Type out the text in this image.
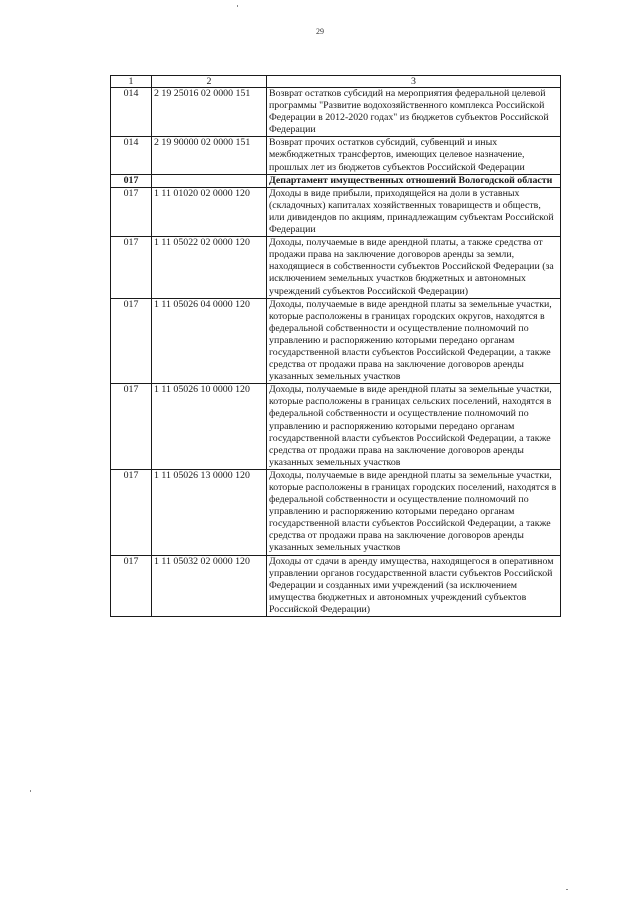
29
1	2	3
014	2 19 25016 02 0000 151	Возврат остатков субсидий на мероприятия федеральной целевой программы "Развитие водохозяйственного комплекса Российской Федерации в 2012-2020 годах" из бюджетов субъектов Российской Федерации
014	2 19 90000 02 0000 151	Возврат прочих остатков субсидий, субвенций и иных межбюджетных трансфертов, имеющих целевое назначение, прошлых лет из бюджетов субъектов Российской Федерации
017		Департамент имущественных отношений Вологодской области
017	1 11 01020 02 0000 120	Доходы в виде прибыли, приходящейся на доли в уставных (складочных) капиталах хозяйственных товариществ и обществ, или дивидендов по акциям, принадлежащим субъектам Российской Федерации
017	1 11 05022 02 0000 120	Доходы, получаемые в виде арендной платы, а также средства от продажи права на заключение договоров аренды за земли, находящиеся в собственности субъектов Российской Федерации (за исключением земельных участков бюджетных и автономных учреждений субъектов Российской Федерации)
017	1 11 05026 04 0000 120	Доходы, получаемые в виде арендной платы за земельные участки, которые расположены в границах городских округов, находятся в федеральной собственности и осуществление полномочий по управлению и распоряжению которыми передано органам государственной власти субъектов Российской Федерации, а также средства от продажи права на заключение договоров аренды указанных земельных участков
017	1 11 05026 10 0000 120	Доходы, получаемые в виде арендной платы за земельные участки, которые расположены в границах сельских поселений, находятся в федеральной собственности и осуществление полномочий по управлению и распоряжению которыми передано органам государственной власти субъектов Российской Федерации, а также средства от продажи права на заключение договоров аренды указанных земельных участков
017	1 11 05026 13 0000 120	Доходы, получаемые в виде арендной платы за земельные участки, которые расположены в границах городских поселений, находятся в федеральной собственности и осуществление полномочий по управлению и распоряжению которыми передано органам государственной власти субъектов Российской Федерации, а также средства от продажи права на заключение договоров аренды указанных земельных участков
017	1 11 05032 02 0000 120	Доходы от сдачи в аренду имущества, находящегося в оперативном управлении органов государственной власти субъектов Российской Федерации и созданных ими учреждений (за исключением имущества бюджетных и автономных учреждений субъектов Российской Федерации)
